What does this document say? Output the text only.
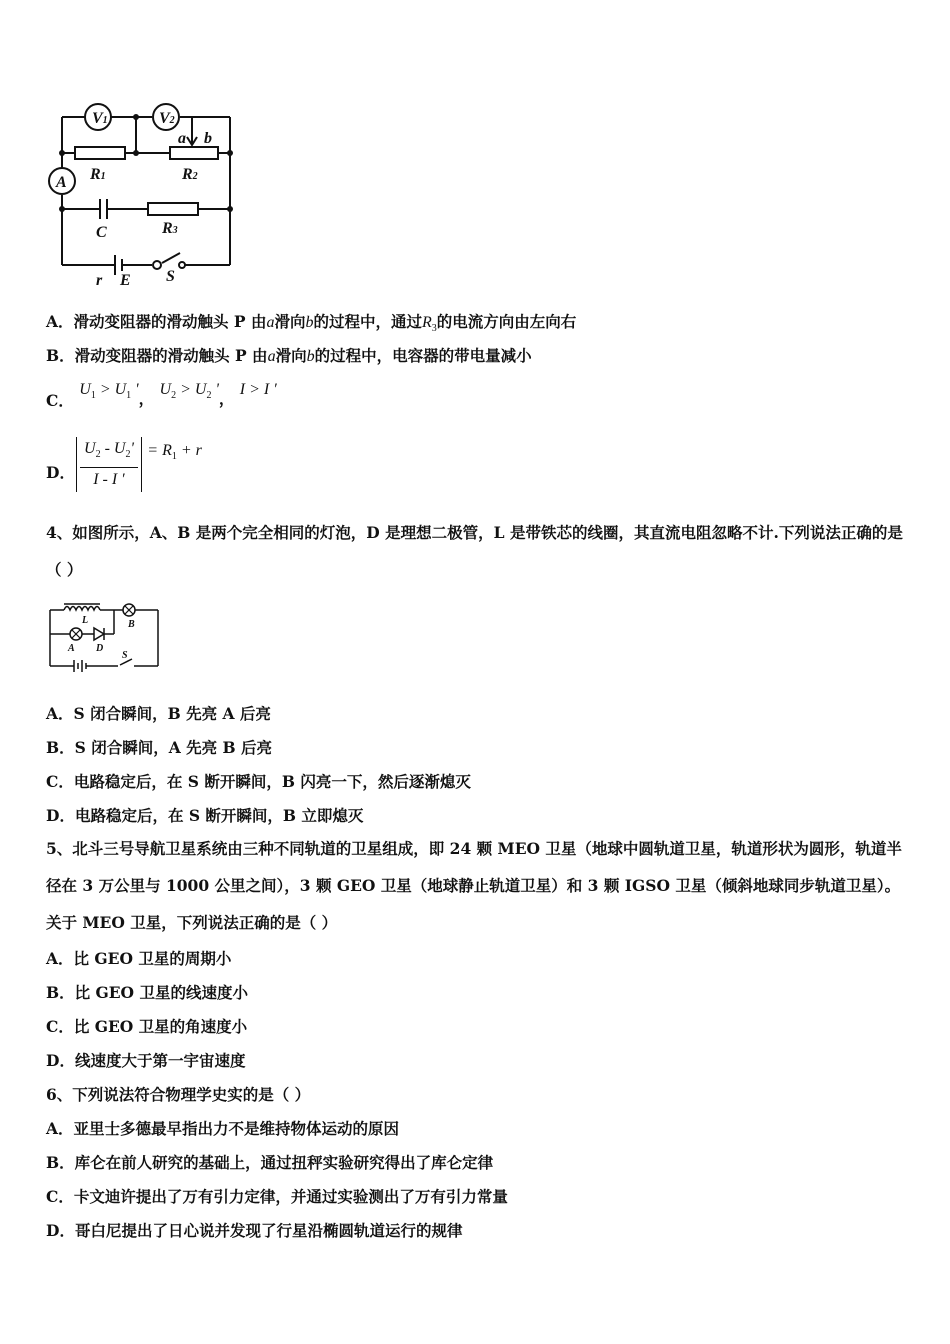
V1	V2
a b
A R1	R2
C	R3
r E S
A．滑动变阻器的滑动触头 P 由a滑向b的过程中，通过$R_3$的电流方向由左向右
B．滑动变阻器的滑动触头 P 由a滑向b的过程中，电容器的带电量减小
C． $U_1 > U_1$ '， $U_2 > U_2$ '， I > I ′
D． $\frac{U_2 - U_2'}{I - I '} = R_1 + r$
4、如图所示，A、B 是两个完全相同的灯泡，D 是理想二极管，L 是带铁芯的线圈，其直流电阻忽略不计.下列说法正确的是（ ）
L	B
A D
S
A．S 闭合瞬间，B 先亮 A 后亮
B．S 闭合瞬间，A 先亮 B 后亮
C．电路稳定后，在 S 断开瞬间，B 闪亮一下，然后逐渐熄灭
D．电路稳定后，在 S 断开瞬间，B 立即熄灭
5、北斗三号导航卫星系统由三种不同轨道的卫星组成，即 24 颗 MEO 卫星（地球中圆轨道卫星，轨道形状为圆形，轨道半径在 3 万公里与 1000 公里之间），3 颗 GEO 卫星（地球静止轨道卫星）和 3 颗 IGSO 卫星（倾斜地球同步轨道卫星）。关于 MEO 卫星，下列说法正确的是（ ）
A．比 GEO 卫星的周期小
B．比 GEO 卫星的线速度小
C．比 GEO 卫星的角速度小
D．线速度大于第一宇宙速度
6、下列说法符合物理学史实的是（ ）
A．亚里士多德最早指出力不是维持物体运动的原因
B．库仑在前人研究的基础上，通过扭秤实验研究得出了库仑定律
C．卡文迪许提出了万有引力定律，并通过实验测出了万有引力常量
D．哥白尼提出了日心说并发现了行星沿椭圆轨道运行的规律
